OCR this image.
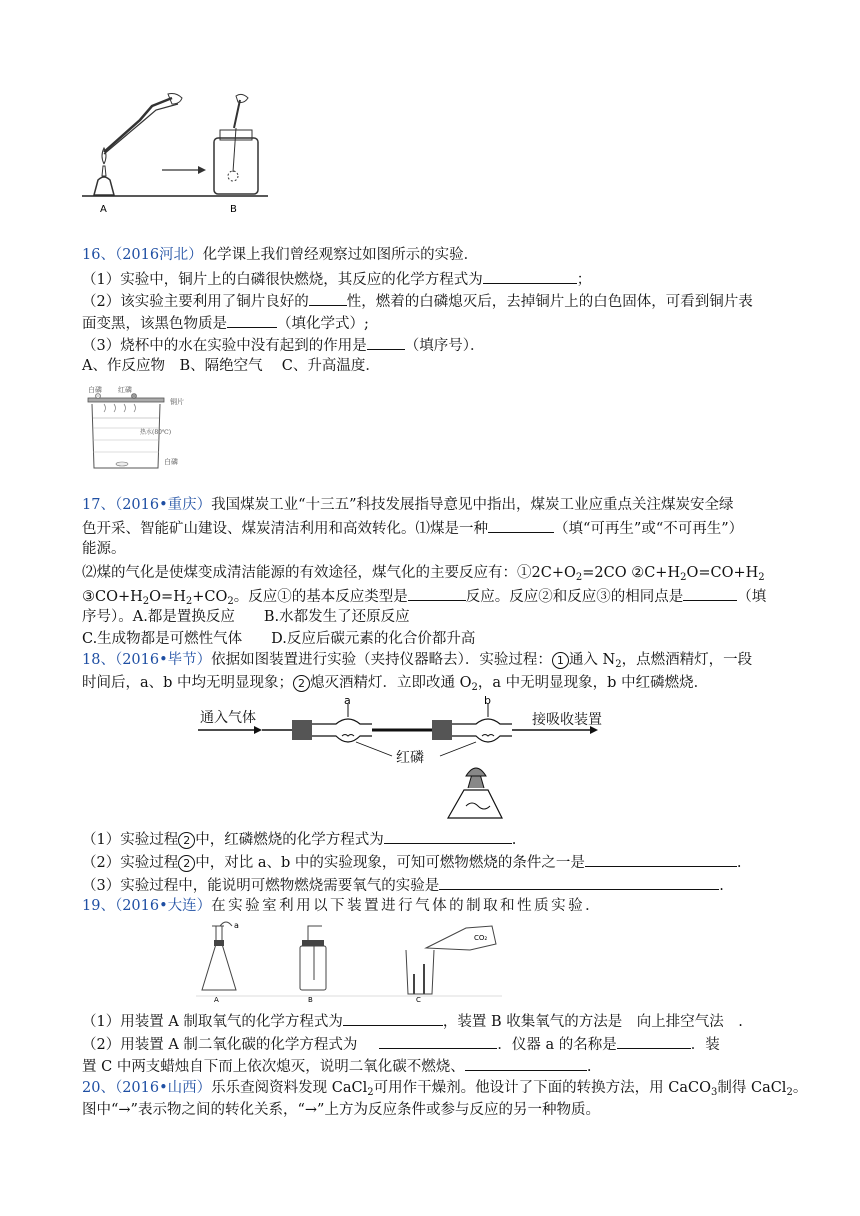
A	B
16、（2016河北）化学课上我们曾经观察过如图所示的实验．
（1）实验中，铜片上的白磷很快燃烧，其反应的化学方程式为	；
（2）该实验主要利用了铜片良好的	性，燃着的白磷熄灭后，去掉铜片上的白色固体，可看到铜片表
面变黑，该黑色物质是	（填化学式）;
（3）烧杯中的水在实验中没有起到的作用是	（填序号）．
A、作反应物　B、隔绝空气　 C、升高温度．
白磷 红磷
铜片
热水(80℃)
白磷
17、（2016•重庆）我国煤炭工业“十三五”科技发展指导意见中指出，煤炭工业应重点关注煤炭安全绿
色开采、智能矿山建设、煤炭清洁利用和高效转化。⑴煤是一种	（填“可再生”或“不可再生”）
能源。
⑵煤的气化是使煤变成清洁能源的有效途径，煤气化的主要反应有：$①2C+O_2=2CO$ $②C+H_2O=CO+H_2$
$③CO+H_2O=H_2+CO_2$。反应①的基本反应类型是	反应。反应②和反应③的相同点是	（填
序号）。A.都是置换反应　　B.水都发生了还原反应
C.生成物都是可燃性气体　　D.反应后碳元素的化合价都升高
18、（2016•毕节）依据如图装置进行实验（夹持仪器略去）．实验过程： 1 通入 $N_2$，点燃酒精灯，一段
时间后，a、b 中均无明显现象； 2 熄灭酒精灯．立即改通 $O_2$，a 中无明显现象，b 中红磷燃烧．
通入气体
a	b
接吸收装置
红磷
（1）实验过程 2 中，红磷燃烧的化学方程式为	.
（2）实验过程 2 中，对比 a、b 中的实验现象，可知可燃物燃烧的条件之一是	.
（3）实验过程中，能说明可燃物燃烧需要氧气的实验是	.
19、（2016•大连）在实验室利用以下装置进行气体的制取和性质实验．
a
A	B
CO₂
C
（1）用装置 A 制取氧气的化学方程式为	，装置 B 收集氧气的方法是　向上排空气法　.
（2）用装置 A 制二氧化碳的化学方程式为	．仪器 a 的名称是	．装
置 C 中两支蜡烛自下而上依次熄灭，说明二氧化碳不燃烧、	.
20、（2016•山西）乐乐查阅资料发现 CaCl$_2$可用作干燥剂。他设计了下面的转换方法，用 CaCO$_3$制得 CaCl$_2$。
图中“→”表示物之间的转化关系，“→”上方为反应条件或参与反应的另一种物质。
